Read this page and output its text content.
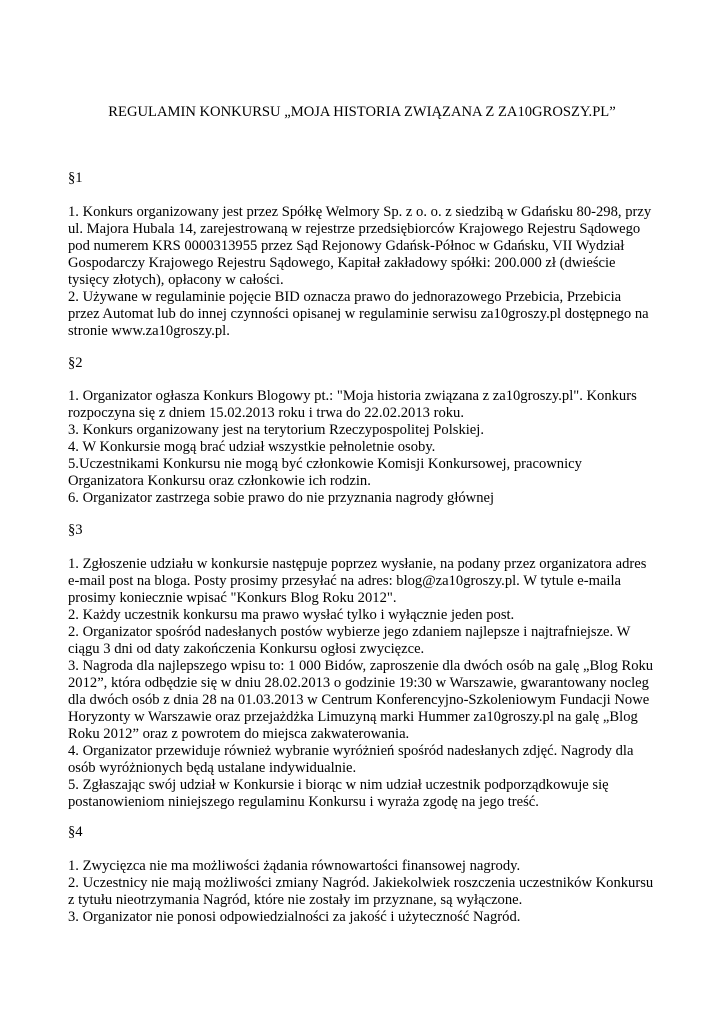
REGULAMIN KONKURSU „MOJA HISTORIA ZWIĄZANA Z ZA10GROSZY.PL”
§1
1. Konkurs organizowany jest przez Spółkę Welmory Sp. z o. o. z siedzibą w Gdańsku 80-298, przy
ul. Majora Hubala 14, zarejestrowaną w rejestrze przedsiębiorców Krajowego Rejestru Sądowego
pod numerem KRS 0000313955 przez Sąd Rejonowy Gdańsk-Północ w Gdańsku, VII Wydział
Gospodarczy Krajowego Rejestru Sądowego, Kapitał zakładowy spółki: 200.000 zł (dwieście
tysięcy złotych), opłacony w całości.
2. Używane w regulaminie pojęcie BID oznacza prawo do jednorazowego Przebicia, Przebicia
przez Automat lub do innej czynności opisanej w regulaminie serwisu za10groszy.pl dostępnego na
stronie www.za10groszy.pl.
§2
1. Organizator ogłasza Konkurs Blogowy pt.: "Moja historia związana z za10groszy.pl". Konkurs
rozpoczyna się z dniem 15.02.2013 roku i trwa do 22.02.2013 roku.
3. Konkurs organizowany jest na terytorium Rzeczypospolitej Polskiej.
4. W Konkursie mogą brać udział wszystkie pełnoletnie osoby.
5.Uczestnikami Konkursu nie mogą być członkowie Komisji Konkursowej, pracownicy
Organizatora Konkursu oraz członkowie ich rodzin.
6. Organizator zastrzega sobie prawo do nie przyznania nagrody głównej
§3
1. Zgłoszenie udziału w konkursie następuje poprzez wysłanie, na podany przez organizatora adres
e-mail post na bloga. Posty prosimy przesyłać na adres: blog@za10groszy.pl. W tytule e-maila
prosimy koniecznie wpisać "Konkurs Blog Roku 2012".
2. Każdy uczestnik konkursu ma prawo wysłać tylko i wyłącznie jeden post.
2. Organizator spośród nadesłanych postów wybierze jego zdaniem najlepsze i najtrafniejsze. W
ciągu 3 dni od daty zakończenia Konkursu ogłosi zwycięzce.
3. Nagroda dla najlepszego wpisu to: 1 000 Bidów, zaproszenie dla dwóch osób na galę „Blog Roku
2012”, która odbędzie się w dniu 28.02.2013 o godzinie 19:30 w Warszawie, gwarantowany nocleg
dla dwóch osób z dnia 28 na 01.03.2013 w Centrum Konferencyjno-Szkoleniowym Fundacji Nowe
Horyzonty w Warszawie oraz przejażdżka Limuzyną marki Hummer za10groszy.pl na galę „Blog
Roku 2012” oraz z powrotem do miejsca zakwaterowania.
4. Organizator przewiduje również wybranie wyróżnień spośród nadesłanych zdjęć. Nagrody dla
osób wyróżnionych będą ustalane indywidualnie.
5. Zgłaszając swój udział w Konkursie i biorąc w nim udział uczestnik podporządkowuje się
postanowieniom niniejszego regulaminu Konkursu i wyraża zgodę na jego treść.
§4
1. Zwycięzca nie ma możliwości żądania równowartości finansowej nagrody.
2. Uczestnicy nie mają możliwości zmiany Nagród. Jakiekolwiek roszczenia uczestników Konkursu
z tytułu nieotrzymania Nagród, które nie zostały im przyznane, są wyłączone.
3. Organizator nie ponosi odpowiedzialności za jakość i użyteczność Nagród.
